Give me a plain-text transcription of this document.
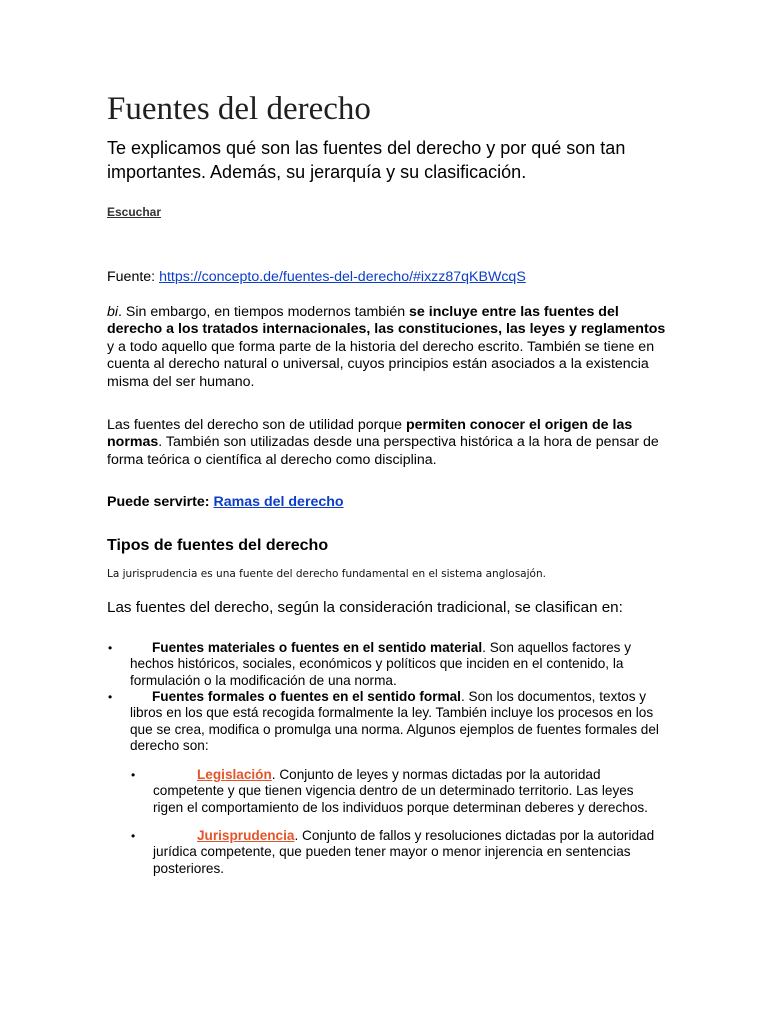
Fuentes del derecho

Te explicamos qué son las fuentes del derecho y por qué son tan importantes. Además, su jerarquía y su clasificación.

Escuchar

Fuente: https://concepto.de/fuentes-del-derecho/#ixzz87qKBWcqS

bi. Sin embargo, en tiempos modernos también se incluye entre las fuentes del derecho a los tratados internacionales, las constituciones, las leyes y reglamentos y a todo aquello que forma parte de la historia del derecho escrito. También se tiene en cuenta al derecho natural o universal, cuyos principios están asociados a la existencia misma del ser humano.

Las fuentes del derecho son de utilidad porque permiten conocer el origen de las normas. También son utilizadas desde una perspectiva histórica a la hora de pensar de forma teórica o científica al derecho como disciplina.

Puede servirte: Ramas del derecho

Tipos de fuentes del derecho

La jurisprudencia es una fuente del derecho fundamental en el sistema anglosajón.

Las fuentes del derecho, según la consideración tradicional, se clasifican en:

•	Fuentes materiales o fuentes en el sentido material. Son aquellos factores y hechos históricos, sociales, económicos y políticos que inciden en el contenido, la formulación o la modificación de una norma.
•	Fuentes formales o fuentes en el sentido formal. Son los documentos, textos y libros en los que está recogida formalmente la ley. También incluye los procesos en los que se crea, modifica o promulga una norma. Algunos ejemplos de fuentes formales del derecho son:
•	Legislación. Conjunto de leyes y normas dictadas por la autoridad competente y que tienen vigencia dentro de un determinado territorio. Las leyes rigen el comportamiento de los individuos porque determinan deberes y derechos.
•	Jurisprudencia. Conjunto de fallos y resoluciones dictadas por la autoridad jurídica competente, que pueden tener mayor o menor injerencia en sentencias posteriores.
